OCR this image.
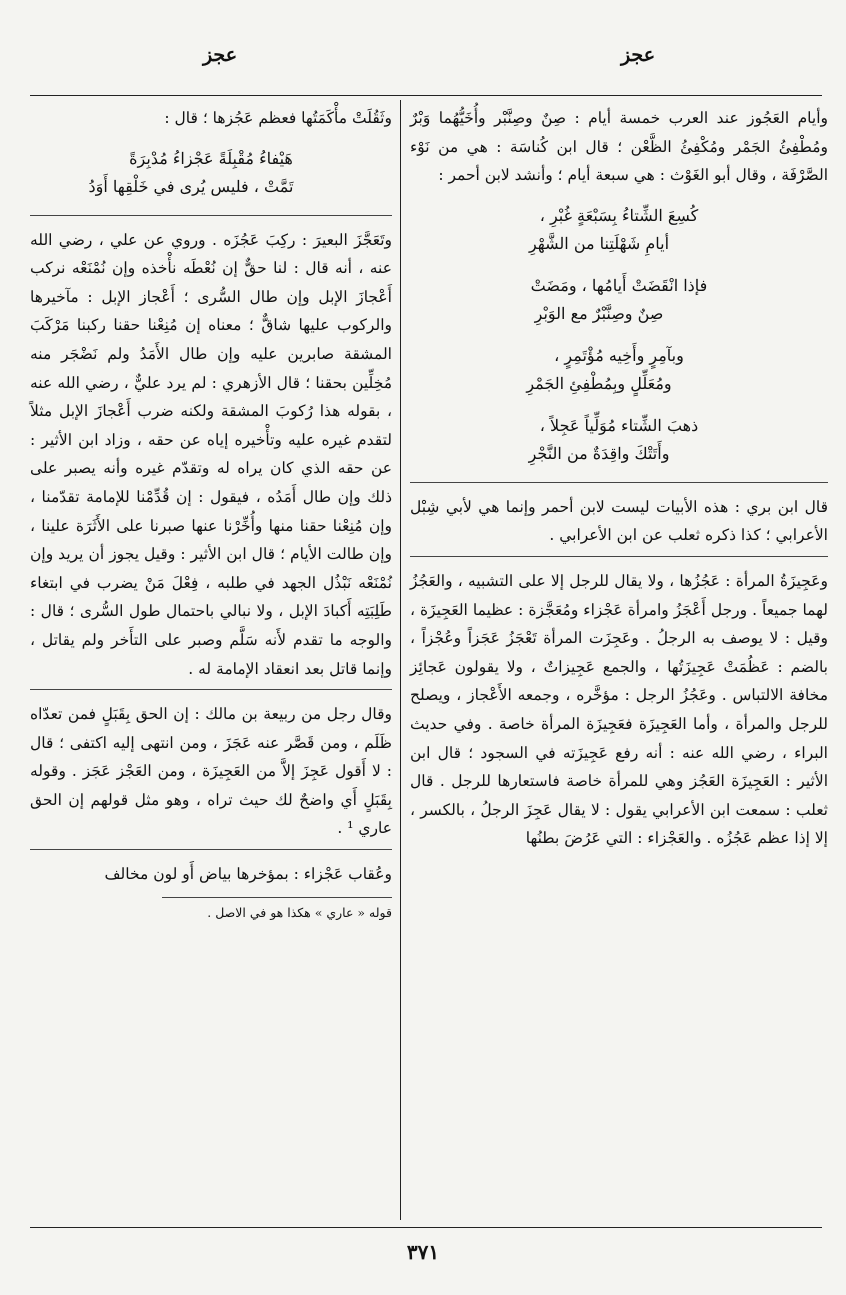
عجز
عجز

وأيام العَجُوز عند العرب خمسة أيام : صِنٌ وصِنَّبْر وأُخَيُّهُما وَبْرٌ ومُطْفِئُ الجَمْر ومُكْفِئُ الظَّعْن ؛ قال ابن كُناسَة : هي من نَوْء الصَّرْفَة ، وقال أبو الغَوْث : هي سبعة أيام ؛ وأنشد لابن أحمر :

كُسِعَ الشِّتاءُ بِسَبْعَةٍ غُبْرِ ،
أيامِ شَهْلَتِنا من الشَّهْرِ
فإذا انْقَضَتْ أَيامُها ، ومَضَتْ
صِنٌ وصِنَّبْرٌ مع الوَبْرِ
وبآمِرٍ وأَخِيه مُؤْتَمِرٍ ،
ومُعَلِّلٍ وبِمُطْفِئِ الجَمْرِ
ذهبَ الشِّتاء مُوَلِّياً عَجِلاً ،
وأَتَتْكَ واقِدَةٌ من النَّجْرِ

قال ابن بري : هذه الأبيات ليست لابن أحمر وإنما هي لأبي شِبْل الأعرابي ؛ كذا ذكره ثعلب عن ابن الأعرابي .

وعَجِيزَةُ المرأة : عَجُزُها ، ولا يقال للرجل إلا على التشبيه ، والعَجُزُ لهما جميعاً . ورجل أَعْجَزُ وامرأة عَجْزاء ومُعَجَّزة : عظيما العَجِيزَة ، وقيل : لا يوصف به الرجلُ . وعَجِزَت المرأة تَعْجَزُ عَجَزاً وعُجْزاً ، بالضم : عَظُمَتْ عَجِيزَتُها ، والجمع عَجِيزاتٌ ، ولا يقولون عَجائِز مخافة الالتباس . وعَجُزُ الرجل : مؤخَّره ، وجمعه الأَعْجاز ، ويصلح للرجل والمرأة ، وأما العَجِيزَة فعَجِيزَة المرأة خاصة . وفي حديث البراء ، رضي الله عنه : أنه رفع عَجِيزَته في السجود ؛ قال ابن الأثير : العَجِيزَة العَجُز وهي للمرأة خاصة فاستعارها للرجل . قال ثعلب : سمعت ابن الأعرابي يقول : لا يقال عَجِزَ الرجلُ ، بالكسر ، إلا إذا عظم عَجُزُه . والعَجْزاء : التي عَرُضَ بطنُها

وثَقُلَتْ مأْكَمَتُها فعظم عَجُزها ؛ قال :

هَيْفاءُ مُقْبِلَةً عَجْزاءُ مُدْبِرَةً
تَمَّتْ ، فليس يُرى في خَلْقِها أَوَدُ

وتَعَجَّزَ البعيرَ : ركِبَ عَجُزَه . وروي عن علي ، رضي الله عنه ، أنه قال : لنا حقٌّ إن نُعْطَه نأْخذه وإن نُمْنَعْه نركب أَعْجازَ الإبل وإن طال السُّرى ؛ أَعْجاز الإبل : مآخيرها والركوب عليها شاقٌّ ؛ معناه إن مُنِعْنا حقنا ركبنا مَرْكَبَ المشقة صابرين عليه وإن طال الأَمَدُ ولم نَضْجَر منه مُخِلِّين بحقنا ؛ قال الأزهري : لم يرد عليٌّ ، رضي الله عنه ، بقوله هذا رُكوبَ المشقة ولكنه ضرب أَعْجازَ الإبل مثلاً لتقدم غيره عليه وتأْخيره إياه عن حقه ، وزاد ابن الأثير : عن حقه الذي كان يراه له وتقدّم غيره وأنه يصبر على ذلك وإن طال أَمَدُه ، فيقول : إن قُدِّمْنا للإمامة تقدّمنا ، وإن مُنِعْنا حقنا منها وأُخِّرْنا عنها صبرنا على الأَثَرَة علينا ، وإن طالت الأيام ؛ قال ابن الأثير : وقيل يجوز أن يريد وإن نُمْنَعْه نَبْذُل الجهد في طلبه ، فِعْلَ مَنْ يضرب في ابتغاء طَلِبَتِه أَكبادَ الإبل ، ولا نبالي باحتمال طول السُّرى ؛ قال : والوجه ما تقدم لأَنه سَلَّم وصبر على التأَخر ولم يقاتل ، وإنما قاتل بعد انعقاد الإمامة له .

وقال رجل من ربيعة بن مالك : إن الحق بِقَبَلٍ فمن تعدّاه ظَلَم ، ومن قَصَّر عنه عَجَزَ ، ومن انتهى إليه اكتفى ؛ قال : لا أَقول عَجِزَ إلاَّ من العَجِيزَة ، ومن العَجْز عَجَز . وقوله بِقَبَلٍ أَي واضحٌ لك حيث تراه ، وهو مثل قولهم إن الحق عاري ¹ .

وعُقاب عَجْزاء : بمؤخرها بياض أَو لون مخالف

قوله « عاري » هكذا هو في الاصل .
٣٧١
